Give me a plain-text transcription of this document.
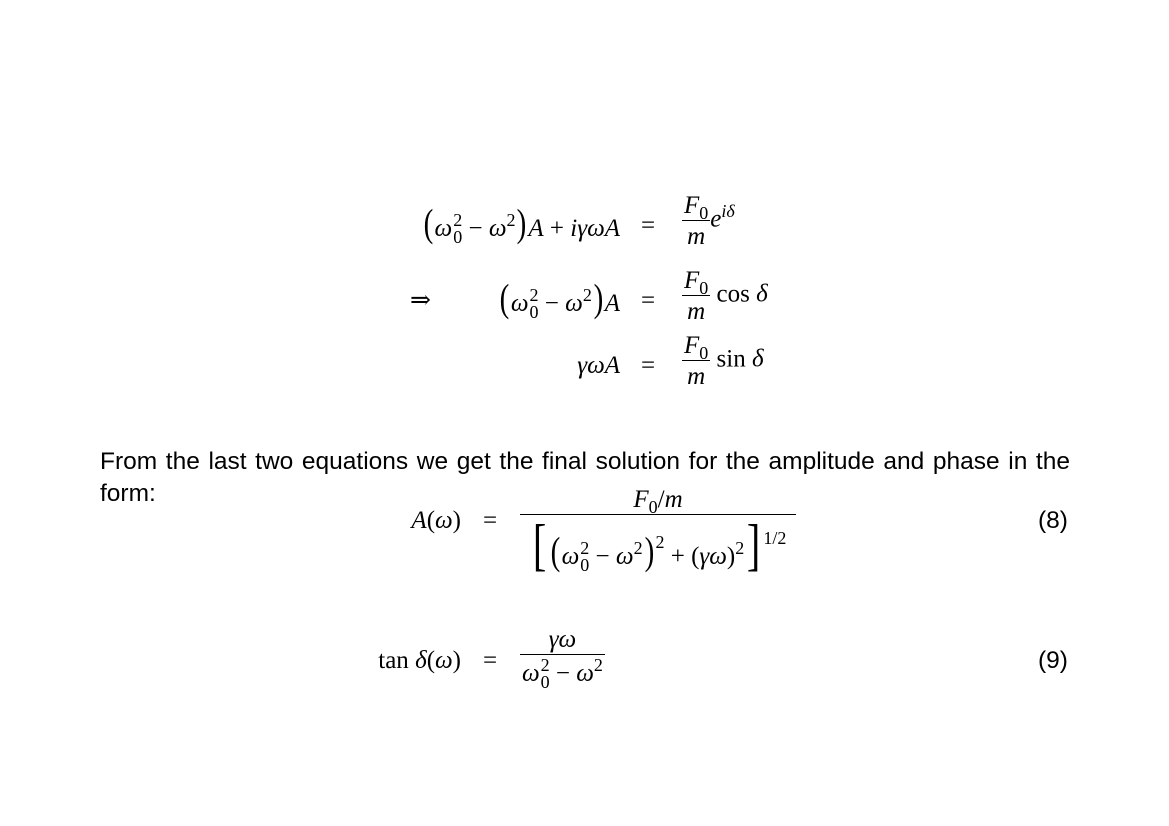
(ω 2
$0 - \omega^2)A + i\gamma\omega A = \frac{F_0}{m} e^{i\delta}$
⇒ (ω 2
$0 - \omega^2)A = \frac{F_0}{m}$ cos δ
$\gamma\omega A = \frac{F_0}{m}$ sin δ

From the last two equations we get the final solution for the amplitude and phase in the form:

$A(\omega) = F_0/m$
[ (ω 2
$0 - \omega^2)^2 + (\gamma\omega)^2$] $^{1/2}$	(8)
tan δ(ω) = γω
ω 2
$0 - \omega^2$	(9)
